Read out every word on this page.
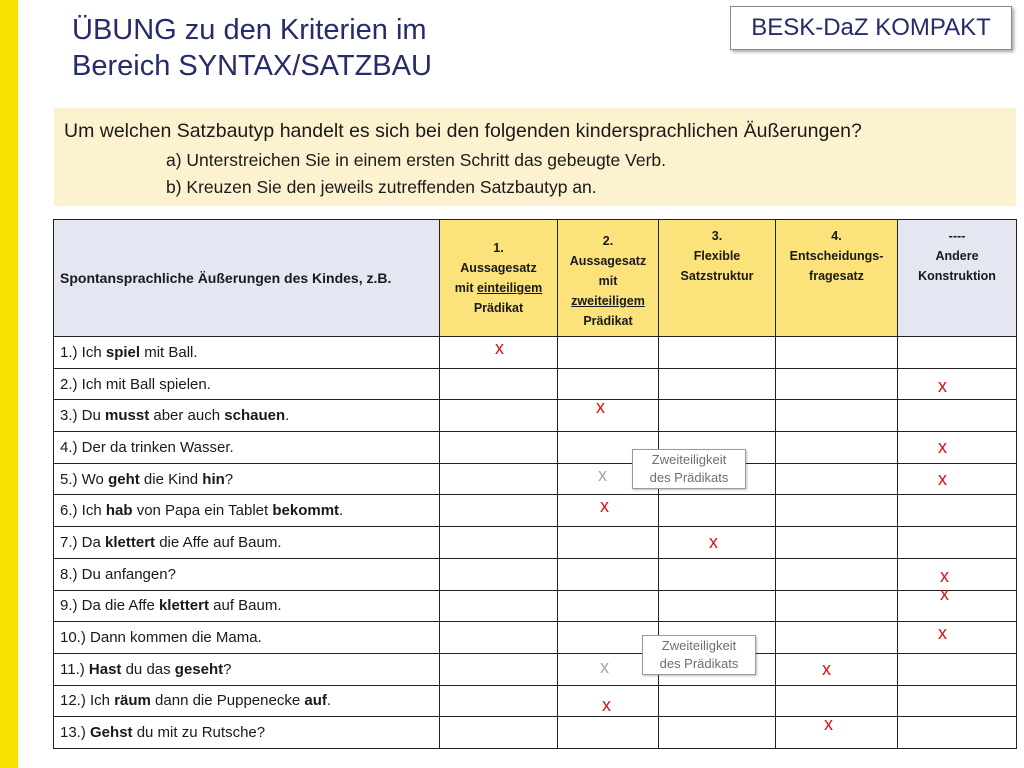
ÜBUNG zu den Kriterien im
Bereich SYNTAX/SATZBAU
BESK-DaZ KOMPAKT
Um welchen Satzbautyp handelt es sich bei den folgenden kindersprachlichen Äußerungen?
a) Unterstreichen Sie in einem ersten Schritt das gebeugte Verb.
b) Kreuzen Sie den jeweils zutreffenden Satzbautyp an.
Spontansprachliche Äußerungen des Kindes, z.B.	1.
Aussagesatz
mit einteiligem
Prädikat	2.
Aussagesatz
mit
zweiteiligem
Prädikat	3.
Flexible
Satzstruktur	4.
Entscheidungs-
fragesatz	----
Andere
Konstruktion
1.) Ich spiel mit Ball.	x				

2.) Ich mit Ball spielen.					x

3.) Du musst aber auch schauen.		x			

4.) Der da trinken Wasser.					x

5.) Wo geht die Kind hin?		x			x

6.) Ich hab von Papa ein Tablet bekommt.		x			

7.) Da klettert die Affe auf Baum.			x		

8.) Du anfangen?					x

9.) Da die Affe klettert auf Baum.					x

10.) Dann kommen die Mama.					x

11.) Hast du das geseht?		x		x	

12.) Ich räum dann die Puppenecke auf.		x			

13.) Gehst du mit zu Rutsche?				x	

Zweiteiligkeit
des Prädikats
Zweiteiligkeit
des Prädikats
